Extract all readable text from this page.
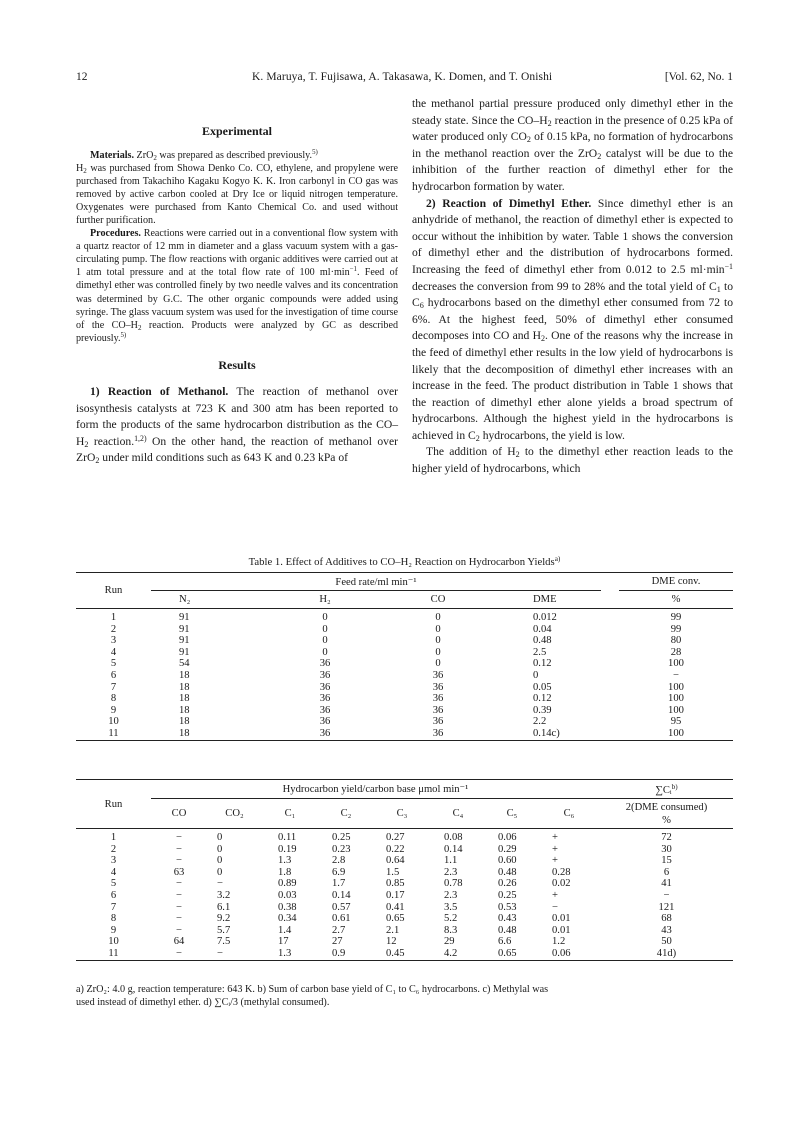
12	K. Maruya, T. Fujisawa, A. Takasawa, K. Domen, and T. Onishi	[Vol. 62, No. 1
Experimental

Materials. ZrO$_2$ was prepared as described previously.$^{5)}$
$H_2$ was purchased from Showa Denko Co. CO, ethylene, and propylene were purchased from Takachiho Kagaku Kogyo K. K. Iron carbonyl in CO gas was removed by active carbon cooled at Dry Ice or liquid nitrogen temperature. Oxygenates were purchased from Kanto Chemical Co. and used without further purification.

Procedures. Reactions were carried out in a conventional flow system with a quartz reactor of 12 mm in diameter and a glass vacuum system with a gas-circulating pump. The flow reactions with organic additives were carried out at 1 atm total pressure and at the total flow rate of 100 $ml\cdot\min^{-1}$. Feed of dimethyl ether was controlled finely by two needle valves and its concentration was determined by G.C. The other organic compounds were added using syringe. The glass vacuum system was used for the investigation of time course of the $CO-H_2$ reaction. Products were analyzed by GC as described previously.$^{5)}$

Results

1) Reaction of Methanol. The reaction of methanol over isosynthesis catalysts at 723 K and 300 atm has been reported to form the products of the same hydrocarbon distribution as the $CO-H_2$ reaction.$^{1,2)}$ On the other hand, the reaction of methanol over ZrO$_2$ under mild conditions such as 643 K and 0.23 kPa of

the methanol partial pressure produced only dimethyl ether in the steady state. Since the $CO-H_2$ reaction in the presence of 0.25 kPa of water produced only $CO_2$ of 0.15 kPa, no formation of hydrocarbons in the methanol reaction over the ZrO$_2$ catalyst will be due to the inhibition of the further reaction of dimethyl ether for the hydrocarbon formation by water.

2) Reaction of Dimethyl Ether. Since dimethyl ether is an anhydride of methanol, the reaction of dimethyl ether is expected to occur without the inhibition by water. Table 1 shows the conversion of dimethyl ether and the distribution of hydrocarbons formed. Increasing the feed of dimethyl ether from 0.012 to 2.5 $ml\cdot\min^{-1}$ decreases the conversion from 99 to 28% and the total yield of $C_1$ to $C_6$ hydrocarbons based on the dimethyl ether consumed from 72 to 6%. At the highest feed, 50% of dimethyl ether consumed decomposes into CO and $H_2$. One of the reasons why the increase in the feed of dimethyl ether results in the low yield of hydrocarbons is likely that the decomposition of dimethyl ether increases with an increase in the feed. The product distribution in Table 1 shows that the reaction of dimethyl ether alone yields a broad spectrum of hydrocarbons. Although the highest yield in the hydrocarbons is achieved in $C_2$ hydrocarbons, the yield is low.

The addition of $H_2$ to the dimethyl ether reaction leads to the higher yield of hydrocarbons, which

Table 1. Effect of Additives to CO–H₂ Reaction on Hydrocarbon Yields$^{a)}$
Run	Feed rate/ml min⁻¹					DME conv.
	N₂	H₂	CO	DME		%
1	91	0	0	0.012		99
2	91	0	0	0.04		99
3	91	0	0	0.48		80
4	91	0	0	2.5		28
5	54	36	0	0.12		100
6	18	36	36	0		−
7	18	36	36	0.05		100
8	18	36	36	0.12		100
9	18	36	36	0.39		100
10	18	36	36	2.2		95
11	18	36	36	0.14c)		100
Run	Hydrocarbon yield/carbon base μmol min⁻¹								∑Cᵢ$^{b)}$
	CO	CO₂	C₁	C₂	C₃	C₄	C₅	C₆	2(DME consumed)
%
1	−	0	0.11	0.25	0.27	0.08	0.06	+	72
2	−	0	0.19	0.23	0.22	0.14	0.29	+	30
3	−	0	1.3	2.8	0.64	1.1	0.60	+	15
4	63	0	1.8	6.9	1.5	2.3	0.48	0.28	6
5	−	−	0.89	1.7	0.85	0.78	0.26	0.02	41
6	−	3.2	0.03	0.14	0.17	2.3	0.25	+	−
7	−	6.1	0.38	0.57	0.41	3.5	0.53	−	121
8	−	9.2	0.34	0.61	0.65	5.2	0.43	0.01	68
9	−	5.7	1.4	2.7	2.1	8.3	0.48	0.01	43
10	64	7.5	17	27	12	29	6.6	1.2	50
11	−	−	1.3	0.9	0.45	4.2	0.65	0.06	41d)
a) ZrO₂: 4.0 g, reaction temperature: 643 K. b) Sum of carbon base yield of C₁ to C₆ hydrocarbons. c) Methylal was
used instead of dimethyl ether. d) ∑Cᵢ/3 (methylal consumed).
